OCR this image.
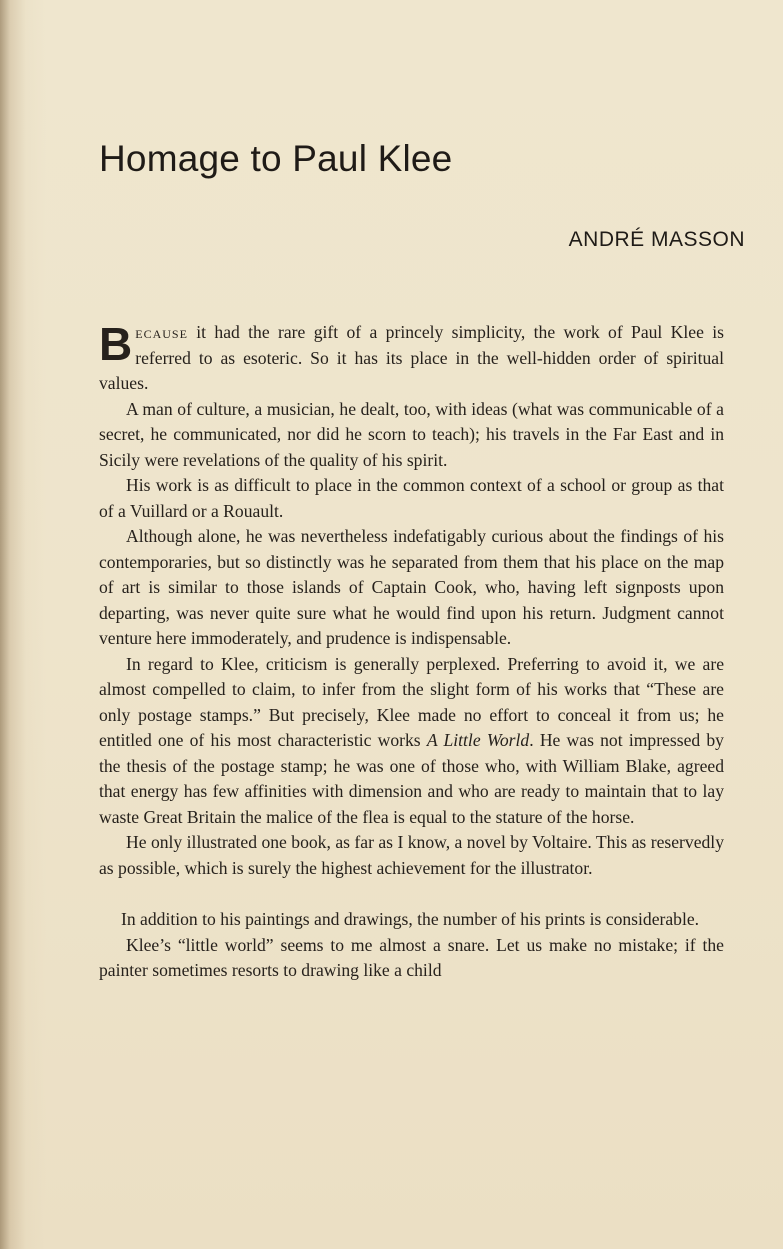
Homage to Paul Klee
ANDRÉ MASSON

Because it had the rare gift of a princely simplicity, the work of Paul Klee is referred to as esoteric. So it has its place in the well-hidden order of spiritual values.

A man of culture, a musician, he dealt, too, with ideas (what was communicable of a secret, he communicated, nor did he scorn to teach); his travels in the Far East and in Sicily were revelations of the quality of his spirit.

His work is as difficult to place in the common context of a school or group as that of a Vuillard or a Rouault.

Although alone, he was nevertheless indefatigably curious about the findings of his contemporaries, but so distinctly was he separated from them that his place on the map of art is similar to those islands of Captain Cook, who, having left signposts upon departing, was never quite sure what he would find upon his return. Judgment cannot venture here immoderately, and prudence is indispensable.

In regard to Klee, criticism is generally perplexed. Preferring to avoid it, we are almost compelled to claim, to infer from the slight form of his works that “These are only postage stamps.” But precisely, Klee made no effort to conceal it from us; he entitled one of his most characteristic works A Little World. He was not impressed by the thesis of the postage stamp; he was one of those who, with William Blake, agreed that energy has few affinities with dimension and who are ready to maintain that to lay waste Great Britain the malice of the flea is equal to the stature of the horse.

He only illustrated one book, as far as I know, a novel by Voltaire. This as reservedly as possible, which is surely the highest achievement for the illustrator.

In addition to his paintings and drawings, the number of his prints is considerable.

Klee’s “little world” seems to me almost a snare. Let us make no mistake; if the painter sometimes resorts to drawing like a child
